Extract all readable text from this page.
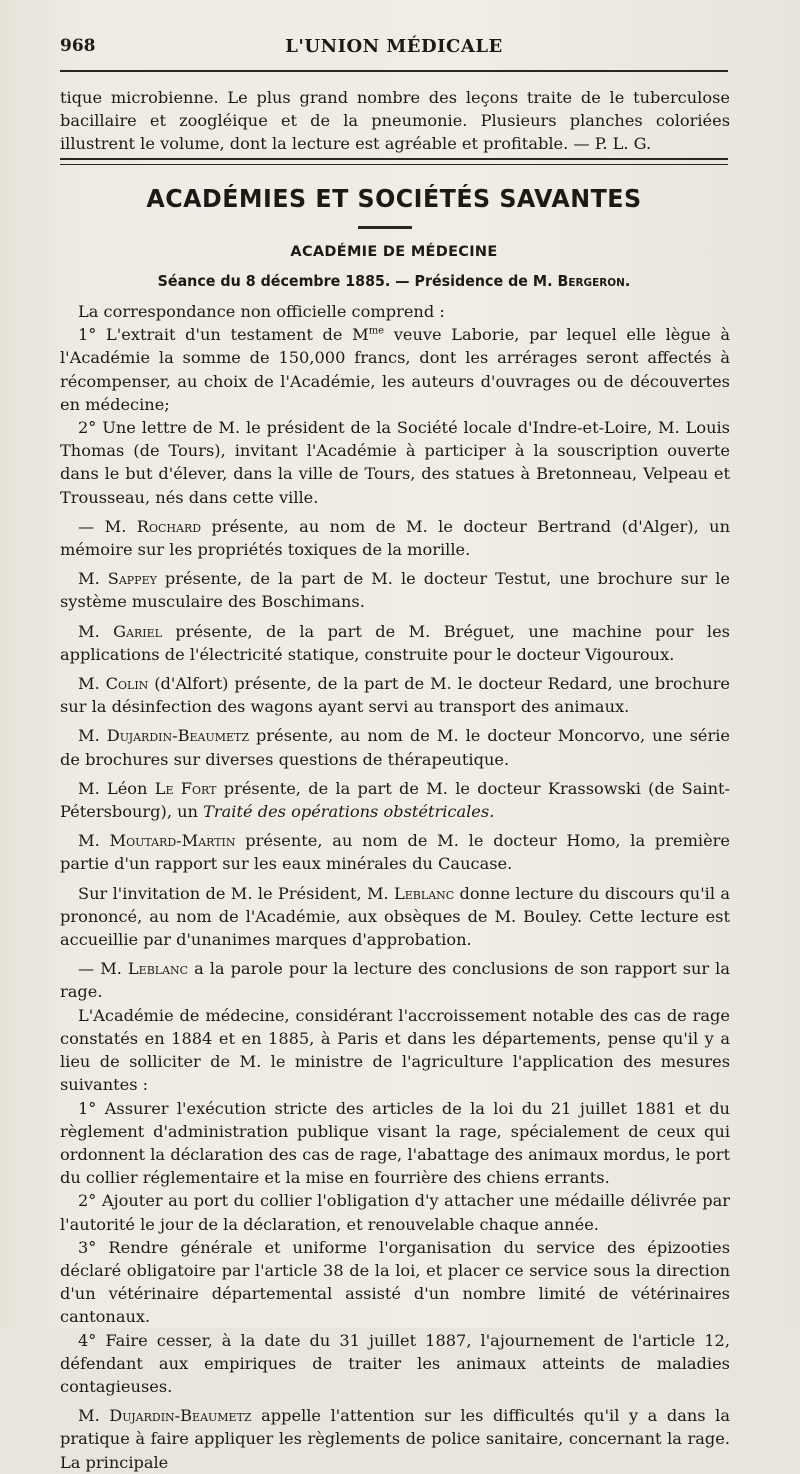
968	L'UNION MÉDICALE

tique microbienne. Le plus grand nombre des leçons traite de le tuberculose bacillaire et zoogléique et de la pneumonie. Plusieurs planches coloriées illustrent le volume, dont la lecture est agréable et profitable. — P. L. G.

ACADÉMIES ET SOCIÉTÉS SAVANTES
ACADÉMIE DE MÉDECINE
Séance du 8 décembre 1885. — Présidence de M. Bergeron.

La correspondance non officielle comprend :

1° L'extrait d'un testament de $M^{me}$ veuve Laborie, par lequel elle lègue à l'Académie la somme de 150,000 francs, dont les arrérages seront affectés à récompenser, au choix de l'Académie, les auteurs d'ouvrages ou de découvertes en médecine;

2° Une lettre de M. le président de la Société locale d'Indre-et-Loire, M. Louis Thomas (de Tours), invitant l'Académie à participer à la souscription ouverte dans le but d'élever, dans la ville de Tours, des statues à Bretonneau, Velpeau et Trousseau, nés dans cette ville.

— M. Rochard présente, au nom de M. le docteur Bertrand (d'Alger), un mémoire sur les propriétés toxiques de la morille.

M. Sappey présente, de la part de M. le docteur Testut, une brochure sur le système musculaire des Boschimans.

M. Gariel présente, de la part de M. Bréguet, une machine pour les applications de l'électricité statique, construite pour le docteur Vigouroux.

M. Colin (d'Alfort) présente, de la part de M. le docteur Redard, une brochure sur la désinfection des wagons ayant servi au transport des animaux.

M. Dujardin-Beaumetz présente, au nom de M. le docteur Moncorvo, une série de brochures sur diverses questions de thérapeutique.

M. Léon Le Fort présente, de la part de M. le docteur Krassowski (de Saint-Pétersbourg), un Traité des opérations obstétricales.

M. Moutard-Martin présente, au nom de M. le docteur Homo, la première partie d'un rapport sur les eaux minérales du Caucase.

Sur l'invitation de M. le Président, M. Leblanc donne lecture du discours qu'il a prononcé, au nom de l'Académie, aux obsèques de M. Bouley. Cette lecture est accueillie par d'unanimes marques d'approbation.

— M. Leblanc a la parole pour la lecture des conclusions de son rapport sur la rage.

L'Académie de médecine, considérant l'accroissement notable des cas de rage constatés en 1884 et en 1885, à Paris et dans les départements, pense qu'il y a lieu de solliciter de M. le ministre de l'agriculture l'application des mesures suivantes :

1° Assurer l'exécution stricte des articles de la loi du 21 juillet 1881 et du règlement d'administration publique visant la rage, spécialement de ceux qui ordonnent la déclaration des cas de rage, l'abattage des animaux mordus, le port du collier réglementaire et la mise en fourrière des chiens errants.

2° Ajouter au port du collier l'obligation d'y attacher une médaille délivrée par l'autorité le jour de la déclaration, et renouvelable chaque année.

3° Rendre générale et uniforme l'organisation du service des épizooties déclaré obligatoire par l'article 38 de la loi, et placer ce service sous la direction d'un vétérinaire départemental assisté d'un nombre limité de vétérinaires cantonaux.

4° Faire cesser, à la date du 31 juillet 1887, l'ajournement de l'article 12, défendant aux empiriques de traiter les animaux atteints de maladies contagieuses.

M. Dujardin-Beaumetz appelle l'attention sur les difficultés qu'il y a dans la pratique à faire appliquer les règlements de police sanitaire, concernant la rage. La principale
